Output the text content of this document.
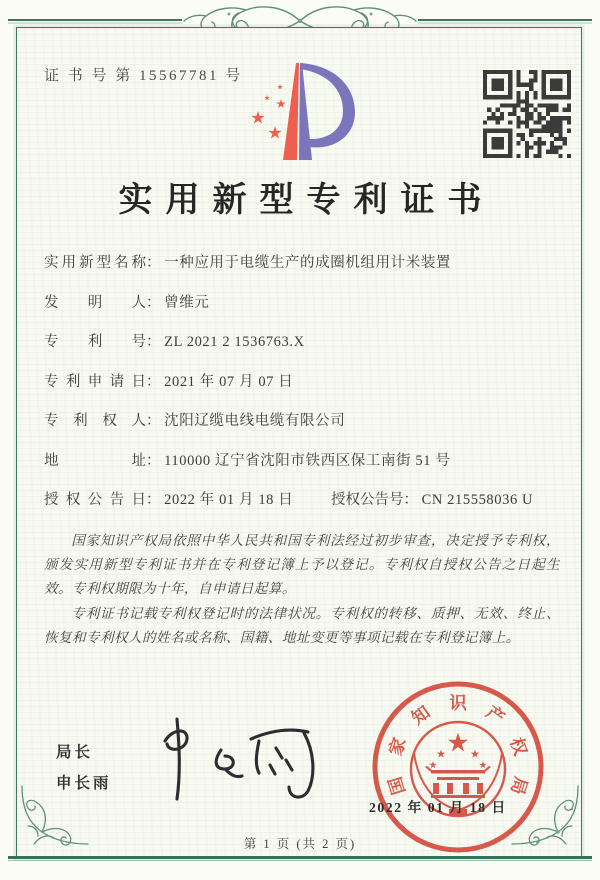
证 书 号 第 15567781 号
实用新型专利证书
实用新型名称： 一种应用于电缆生产的成圈机组用计米装置
发明人： 曾维元
专利号： ZL 2021 2 1536763.X
专利申请日： 2021 年 07 月 07 日
专利权人： 沈阳辽缆电线电缆有限公司
地址： 110000 辽宁省沈阳市铁西区保工南街 51 号
授权公告日： 2022 年 01 月 18 日	授权公告号： CN 215558036 U

国家知识产权局依照中华人民共和国专利法经过初步审查，决定授予专利权，颁发实用新型专利证书并在专利登记簿上予以登记。专利权自授权公告之日起生效。专利权期限为十年，自申请日起算。

专利证书记载专利权登记时的法律状况。专利权的转移、质押、无效、终止、恢复和专利权人的姓名或名称、国籍、地址变更等事项记载在专利登记簿上。

局长
申长雨	国
家
知 识 产
权
局
2022 年 01 月 18 日
第 1 页 (共 2 页)
